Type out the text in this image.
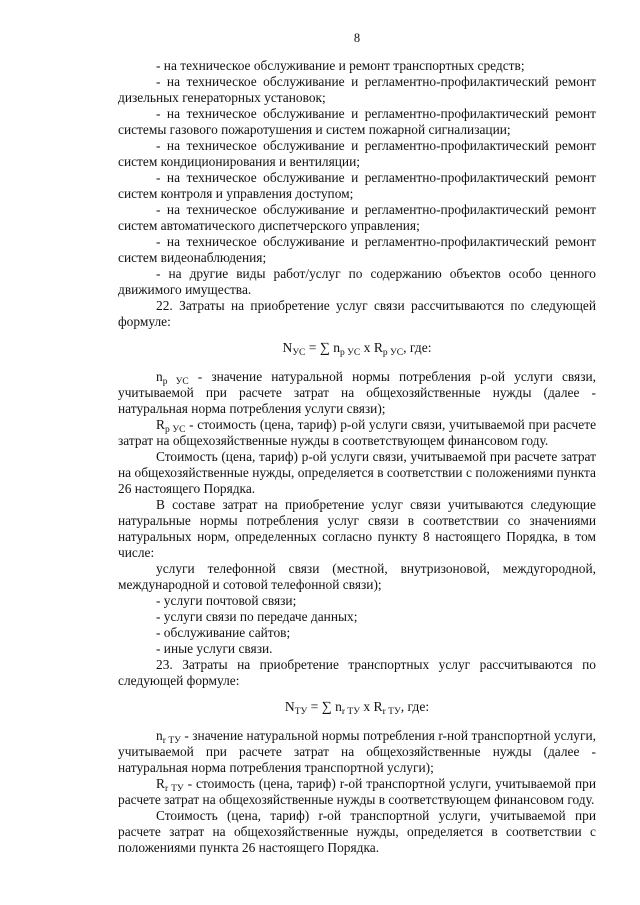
8

- на техническое обслуживание и ремонт транспортных средств;

- на техническое обслуживание и регламентно-профилактический ремонт дизельных генераторных установок;

- на техническое обслуживание и регламентно-профилактический ремонт системы газового пожаротушения и систем пожарной сигнализации;

- на техническое обслуживание и регламентно-профилактический ремонт систем кондиционирования и вентиляции;

- на техническое обслуживание и регламентно-профилактический ремонт систем контроля и управления доступом;

- на техническое обслуживание и регламентно-профилактический ремонт систем автоматического диспетчерского управления;

- на техническое обслуживание и регламентно-профилактический ремонт систем видеонаблюдения;

- на другие виды работ/услуг по содержанию объектов особо ценного движимого имущества.

22. Затраты на приобретение услуг связи рассчитываются по следующей формуле:

$N_{УС}$ = ∑ $n_{p УС}$ x $R_{p УС}$, где:

$n_{p УС}$ - значение натуральной нормы потребления p-ой услуги связи, учитываемой при расчете затрат на общехозяйственные нужды (далее - натуральная норма потребления услуги связи);

$R_{p УС}$ - стоимость (цена, тариф) p-ой услуги связи, учитываемой при расчете затрат на общехозяйственные нужды в соответствующем финансовом году.

Стоимость (цена, тариф) p-ой услуги связи, учитываемой при расчете затрат на общехозяйственные нужды, определяется в соответствии с положениями пункта 26 настоящего Порядка.

В составе затрат на приобретение услуг связи учитываются следующие натуральные нормы потребления услуг связи в соответствии со значениями натуральных норм, определенных согласно пункту 8 настоящего Порядка, в том числе:

услуги телефонной связи (местной, внутризоновой, междугородной, международной и сотовой телефонной связи);

- услуги почтовой связи;

- услуги связи по передаче данных;

- обслуживание сайтов;

- иные услуги связи.

23. Затраты на приобретение транспортных услуг рассчитываются по следующей формуле:

$N_{ТУ}$ = ∑ $n_{r ТУ}$ x $R_{r ТУ}$, где:

$n_{r ТУ}$ - значение натуральной нормы потребления r-ной транспортной услуги, учитываемой при расчете затрат на общехозяйственные нужды (далее - натуральная норма потребления транспортной услуги);

$R_{r ТУ}$ - стоимость (цена, тариф) r-ой транспортной услуги, учитываемой при расчете затрат на общехозяйственные нужды в соответствующем финансовом году.

Стоимость (цена, тариф) r-ой транспортной услуги, учитываемой при расчете затрат на общехозяйственные нужды, определяется в соответствии с положениями пункта 26 настоящего Порядка.
